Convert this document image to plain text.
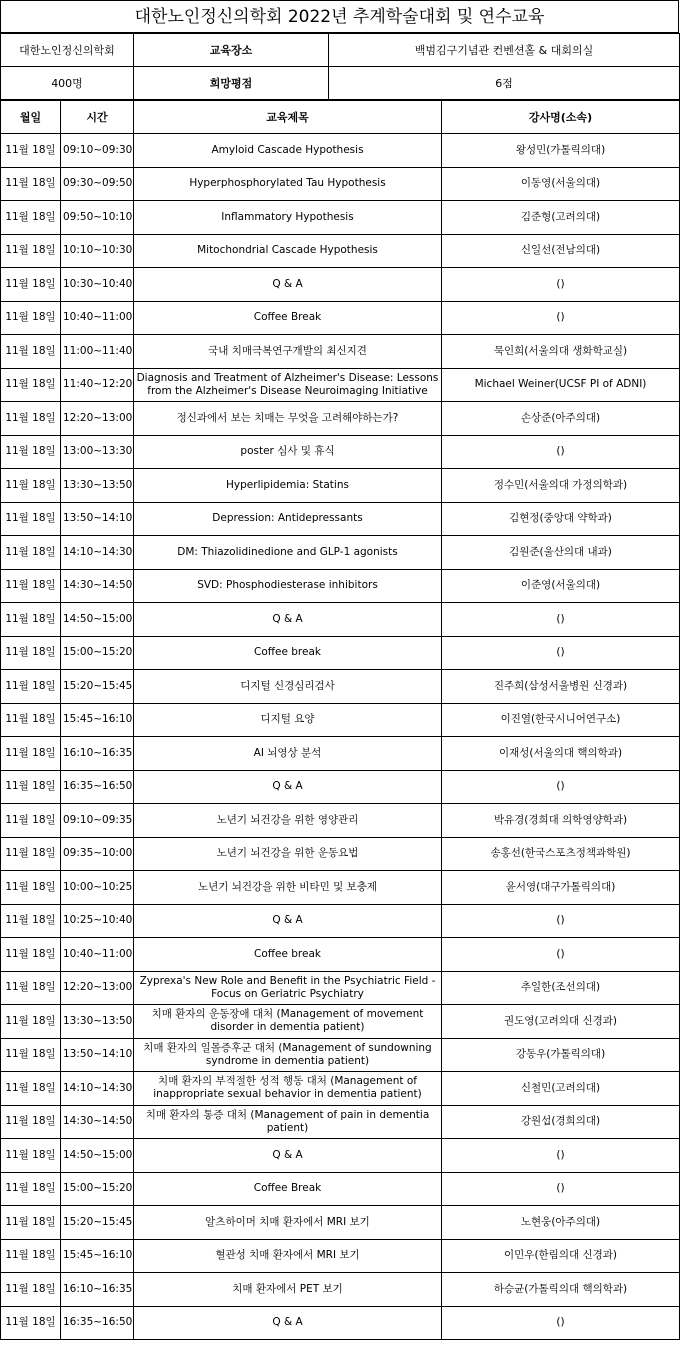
대한노인정신의학회 2022년 추계학술대회 및 연수교육
대한노인정신의학회	교육장소	백범김구기념관 컨벤션홀 & 대회의실
400명	희망평점	6점
월일	시간	교육제목	강사명(소속)
11월 18일	09:10~09:30	Amyloid Cascade Hypothesis	왕성민(가톨릭의대)
11월 18일	09:30~09:50	Hyperphosphorylated Tau Hypothesis	이동영(서울의대)
11월 18일	09:50~10:10	Inflammatory Hypothesis	김준형(고려의대)
11월 18일	10:10~10:30	Mitochondrial Cascade Hypothesis	신일선(전남의대)
11월 18일	10:30~10:40	Q & A	()
11월 18일	10:40~11:00	Coffee Break	()
11월 18일	11:00~11:40	국내 치매극복연구개발의 최신지견	묵인희(서울의대 생화학교실)
11월 18일	11:40~12:20	Diagnosis and Treatment of Alzheimer's Disease: Lessons from the Alzheimer's Disease Neuroimaging Initiative	Michael Weiner(UCSF PI of ADNI)
11월 18일	12:20~13:00	정신과에서 보는 치매는 무엇을 고려해야하는가?	손상준(아주의대)
11월 18일	13:00~13:30	poster 심사 및 휴식	()
11월 18일	13:30~13:50	Hyperlipidemia: Statins	정수민(서울의대 가정의학과)
11월 18일	13:50~14:10	Depression: Antidepressants	김현정(중앙대 약학과)
11월 18일	14:10~14:30	DM: Thiazolidinedione and GLP-1 agonists	김원준(울산의대 내과)
11월 18일	14:30~14:50	SVD: Phosphodiesterase inhibitors	이준영(서울의대)
11월 18일	14:50~15:00	Q & A	()
11월 18일	15:00~15:20	Coffee break	()
11월 18일	15:20~15:45	디지털 신경심리검사	진주희(삼성서울병원 신경과)
11월 18일	15:45~16:10	디지털 요양	이진열(한국시니어연구소)
11월 18일	16:10~16:35	AI 뇌영상 분석	이재성(서울의대 핵의학과)
11월 18일	16:35~16:50	Q & A	()
11월 18일	09:10~09:35	노년기 뇌건강을 위한 영양관리	박유경(경희대 의학영양학과)
11월 18일	09:35~10:00	노년기 뇌건강을 위한 운동요법	송홍선(한국스포츠정책과학원)
11월 18일	10:00~10:25	노년기 뇌건강을 위한 비타민 및 보충제	윤서영(대구가톨릭의대)
11월 18일	10:25~10:40	Q & A	()
11월 18일	10:40~11:00	Coffee break	()
11월 18일	12:20~13:00	Zyprexa's New Role and Benefit in the Psychiatric Field - Focus on Geriatric Psychiatry	추일한(조선의대)
11월 18일	13:30~13:50	치매 환자의 운동장애 대처 (Management of movement disorder in dementia patient)	권도영(고려의대 신경과)
11월 18일	13:50~14:10	치매 환자의 일몰증후군 대처 (Management of sundowning syndrome in dementia patient)	강동우(가톨릭의대)
11월 18일	14:10~14:30	치매 환자의 부적절한 성적 행동 대처 (Management of inappropriate sexual behavior in dementia patient)	신철민(고려의대)
11월 18일	14:30~14:50	치매 환자의 통증 대처 (Management of pain in dementia patient)	강원섭(경희의대)
11월 18일	14:50~15:00	Q & A	()
11월 18일	15:00~15:20	Coffee Break	()
11월 18일	15:20~15:45	알츠하이머 치매 환자에서 MRI 보기	노현웅(아주의대)
11월 18일	15:45~16:10	혈관성 치매 환자에서 MRI 보기	이민우(한림의대 신경과)
11월 18일	16:10~16:35	치매 환자에서 PET 보기	하승균(가톨릭의대 핵의학과)
11월 18일	16:35~16:50	Q & A	()
